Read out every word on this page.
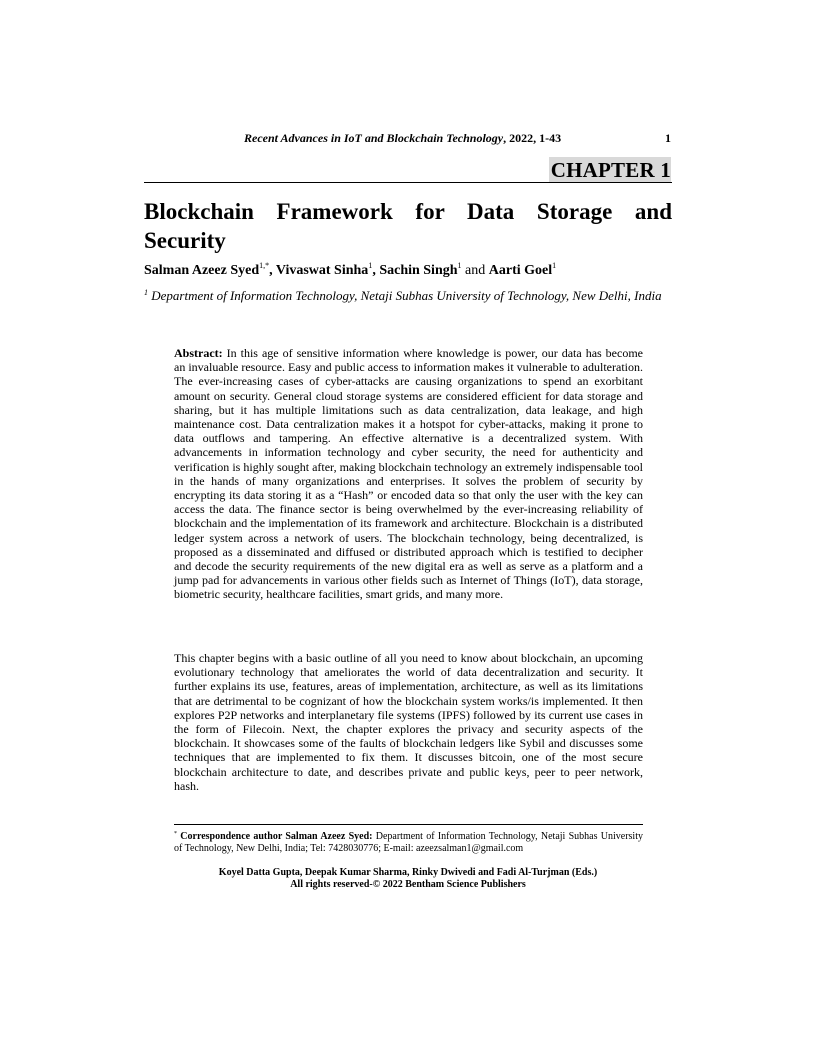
Recent Advances in IoT and Blockchain Technology, 2022, 1-43	1
CHAPTER 1
Blockchain Framework for Data Storage and Security
Salman Azeez Syed$^{1,*}$, Vivaswat Sinha$^1$, Sachin Singh$^1$ and Aarti Goel$^1$
$^1$ Department of Information Technology, Netaji Subhas University of Technology, New Delhi, India

Abstract: In this age of sensitive information where knowledge is power, our data has become an invaluable resource. Easy and public access to information makes it vulnerable to adulteration. The ever-increasing cases of cyber-attacks are causing organizations to spend an exorbitant amount on security. General cloud storage systems are considered efficient for data storage and sharing, but it has multiple limitations such as data centralization, data leakage, and high maintenance cost. Data centralization makes it a hotspot for cyber-attacks, making it prone to data outflows and tampering. An effective alternative is a decentralized system. With advancements in information technology and cyber security, the need for authenticity and verification is highly sought after, making blockchain technology an extremely indispensable tool in the hands of many organizations and enterprises. It solves the problem of security by encrypting its data storing it as a “Hash” or encoded data so that only the user with the key can access the data. The finance sector is being overwhelmed by the ever-increasing reliability of blockchain and the implementation of its framework and architecture. Blockchain is a distributed ledger system across a network of users. The blockchain technology, being decentralized, is proposed as a disseminated and diffused or distributed approach which is testified to decipher and decode the security requirements of the new digital era as well as serve as a platform and a jump pad for advancements in various other fields such as Internet of Things (IoT), data storage, biometric security, healthcare facilities, smart grids, and many more.

This chapter begins with a basic outline of all you need to know about blockchain, an upcoming evolutionary technology that ameliorates the world of data decentralization and security. It further explains its use, features, areas of implementation, architecture, as well as its limitations that are detrimental to be cognizant of how the blockchain system works/is implemented. It then explores P2P networks and interplanetary file systems (IPFS) followed by its current use cases in the form of Filecoin. Next, the chapter explores the privacy and security aspects of the blockchain. It showcases some of the faults of blockchain ledgers like Sybil and discusses some techniques that are implemented to fix them. It discusses bitcoin, one of the most secure blockchain architecture to date, and describes private and public keys, peer to peer network, hash.

* Correspondence author Salman Azeez Syed: Department of Information Technology, Netaji Subhas University of Technology, New Delhi, India; Tel: 7428030776; E-mail: azeezsalman1@gmail.com
Koyel Datta Gupta, Deepak Kumar Sharma, Rinky Dwivedi and Fadi Al-Turjman (Eds.)
All rights reserved-© 2022 Bentham Science Publishers
